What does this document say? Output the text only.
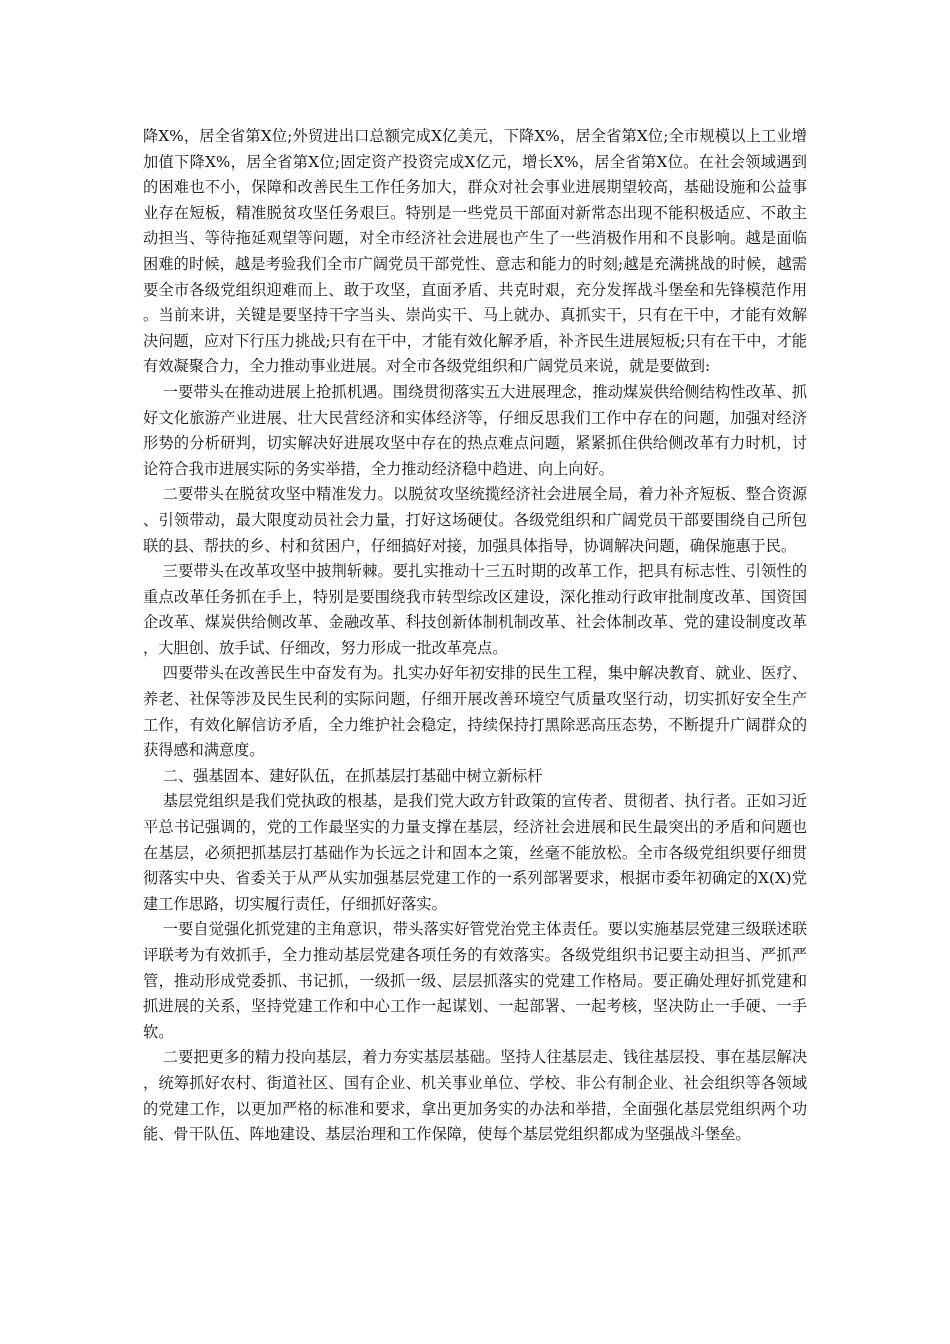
降X%，居全省第X位;外贸进出口总额完成X亿美元，下降X%，居全省第X位;全市规模以上工业增加值下降X%，居全省第X位;固定资产投资完成X亿元，增长X%，居全省第X位。在社会领域遇到的困难也不小，保障和改善民生工作任务加大，群众对社会事业进展期望较高，基础设施和公益事业存在短板，精准脱贫攻坚任务艰巨。特别是一些党员干部面对新常态出现不能积极适应、不敢主动担当、等待拖延观望等问题，对全市经济社会进展也产生了一些消极作用和不良影响。越是面临困难的时候，越是考验我们全市广阔党员干部党性、意志和能力的时刻;越是充满挑战的时候，越需要全市各级党组织迎难而上、敢于攻坚，直面矛盾、共克时艰，充分发挥战斗堡垒和先锋模范作用。当前来讲，关键是要坚持干字当头、崇尚实干、马上就办、真抓实干，只有在干中，才能有效解决问题，应对下行压力挑战;只有在干中，才能有效化解矛盾，补齐民生进展短板;只有在干中，才能有效凝聚合力，全力推动事业进展。对全市各级党组织和广阔党员来说，就是要做到:

一要带头在推动进展上抢抓机遇。围绕贯彻落实五大进展理念，推动煤炭供给侧结构性改革、抓好文化旅游产业进展、壮大民营经济和实体经济等，仔细反思我们工作中存在的问题，加强对经济形势的分析研判，切实解决好进展攻坚中存在的热点难点问题，紧紧抓住供给侧改革有力时机，讨论符合我市进展实际的务实举措，全力推动经济稳中趋进、向上向好。

二要带头在脱贫攻坚中精准发力。以脱贫攻坚统揽经济社会进展全局，着力补齐短板、整合资源、引领带动，最大限度动员社会力量，打好这场硬仗。各级党组织和广阔党员干部要围绕自己所包联的县、帮扶的乡、村和贫困户，仔细搞好对接，加强具体指导，协调解决问题，确保施惠于民。

三要带头在改革攻坚中披荆斩棘。要扎实推动十三五时期的改革工作，把具有标志性、引领性的重点改革任务抓在手上，特别是要围绕我市转型综改区建设，深化推动行政审批制度改革、国资国企改革、煤炭供给侧改革、金融改革、科技创新体制机制改革、社会体制改革、党的建设制度改革，大胆创、放手试、仔细改，努力形成一批改革亮点。

四要带头在改善民生中奋发有为。扎实办好年初安排的民生工程，集中解决教育、就业、医疗、养老、社保等涉及民生民利的实际问题，仔细开展改善环境空气质量攻坚行动，切实抓好安全生产工作，有效化解信访矛盾，全力维护社会稳定，持续保持打黑除恶高压态势，不断提升广阔群众的获得感和满意度。

二、强基固本、建好队伍，在抓基层打基础中树立新标杆

基层党组织是我们党执政的根基，是我们党大政方针政策的宣传者、贯彻者、执行者。正如习近平总书记强调的，党的工作最坚实的力量支撑在基层，经济社会进展和民生最突出的矛盾和问题也在基层，必须把抓基层打基础作为长远之计和固本之策，丝毫不能放松。全市各级党组织要仔细贯彻落实中央、省委关于从严从实加强基层党建工作的一系列部署要求，根据市委年初确定的X(X)党建工作思路，切实履行责任，仔细抓好落实。

一要自觉强化抓党建的主角意识，带头落实好管党治党主体责任。要以实施基层党建三级联述联评联考为有效抓手，全力推动基层党建各项任务的有效落实。各级党组织书记要主动担当、严抓严管，推动形成党委抓、书记抓，一级抓一级、层层抓落实的党建工作格局。要正确处理好抓党建和抓进展的关系，坚持党建工作和中心工作一起谋划、一起部署、一起考核，坚决防止一手硬、一手软。

二要把更多的精力投向基层，着力夯实基层基础。坚持人往基层走、钱往基层投、事在基层解决，统筹抓好农村、街道社区、国有企业、机关事业单位、学校、非公有制企业、社会组织等各领域的党建工作，以更加严格的标准和要求，拿出更加务实的办法和举措，全面强化基层党组织两个功能、骨干队伍、阵地建设、基层治理和工作保障，使每个基层党组织都成为坚强战斗堡垒。
